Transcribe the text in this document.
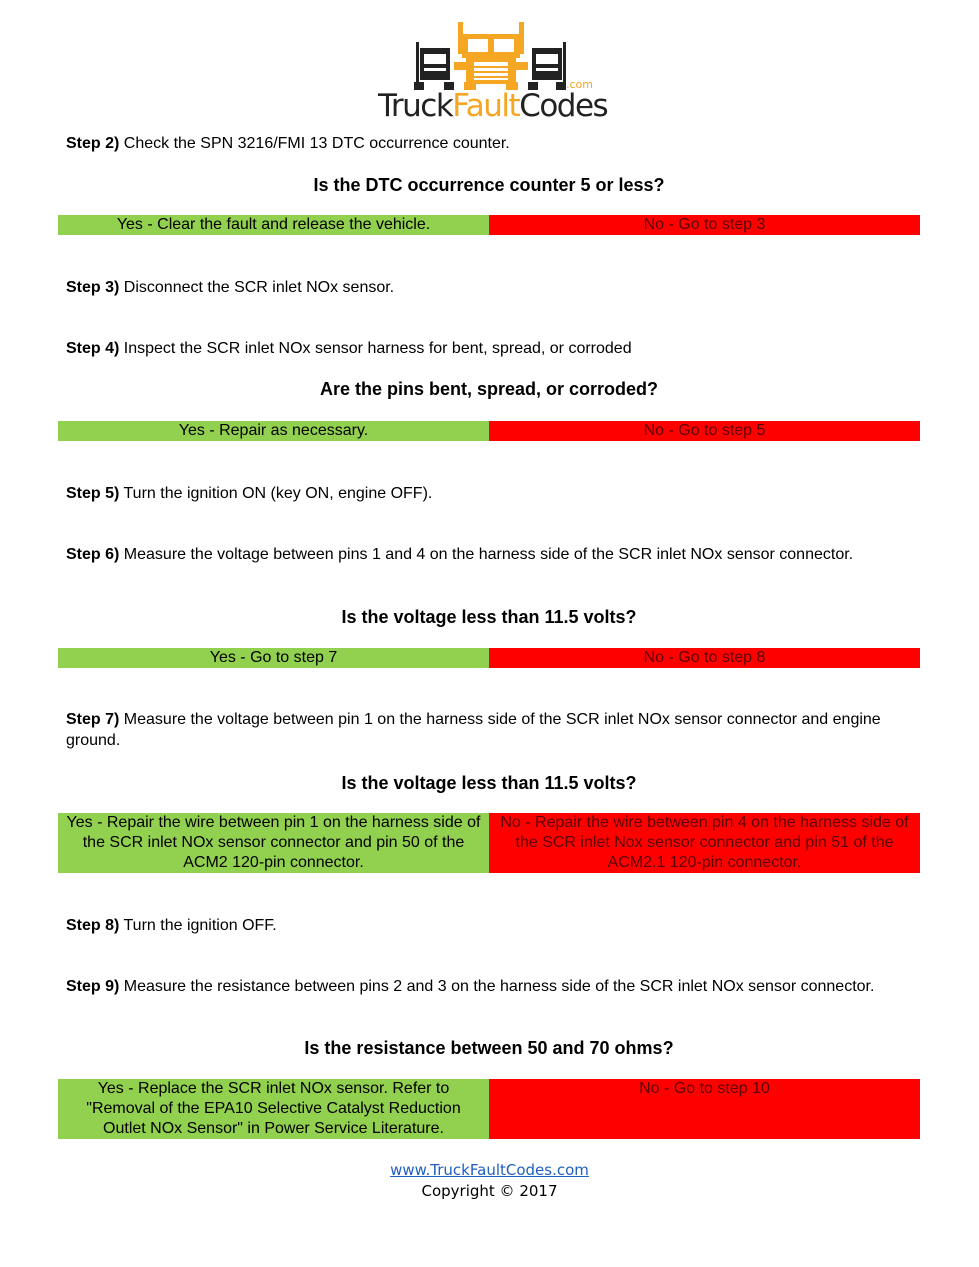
.com
TruckFaultCodes
Step 2) Check the SPN 3216/FMI 13 DTC occurrence counter.
Is the DTC occurrence counter 5 or less?
Yes - Clear the fault and release the vehicle.	No - Go to step 3
Step 3) Disconnect the SCR inlet NOx sensor.
Step 4) Inspect the SCR inlet NOx sensor harness for bent, spread, or corroded
Are the pins bent, spread, or corroded?
Yes - Repair as necessary.	No - Go to step 5
Step 5) Turn the ignition ON (key ON, engine OFF).
Step 6) Measure the voltage between pins 1 and 4 on the harness side of the SCR inlet NOx sensor connector.
Is the voltage less than 11.5 volts?
Yes - Go to step 7	No - Go to step 8
Step 7) Measure the voltage between pin 1 on the harness side of the SCR inlet NOx sensor connector and engine ground.
Is the voltage less than 11.5 volts?
Yes - Repair the wire between pin 1 on the harness side of the SCR inlet NOx sensor connector and pin 50 of the ACM2 120-pin connector.
No - Repair the wire between pin 4 on the harness side of the SCR inlet Nox sensor connector and pin 51 of the ACM2.1 120-pin connector.
Step 8) Turn the ignition OFF.
Step 9) Measure the resistance between pins 2 and 3 on the harness side of the SCR inlet NOx sensor connector.
Is the resistance between 50 and 70 ohms?
Yes - Replace the SCR inlet NOx sensor. Refer to "Removal of the EPA10 Selective Catalyst Reduction Outlet NOx Sensor" in Power Service Literature.
No - Go to step 10
www.TruckFaultCodes.com
Copyright © 2017
